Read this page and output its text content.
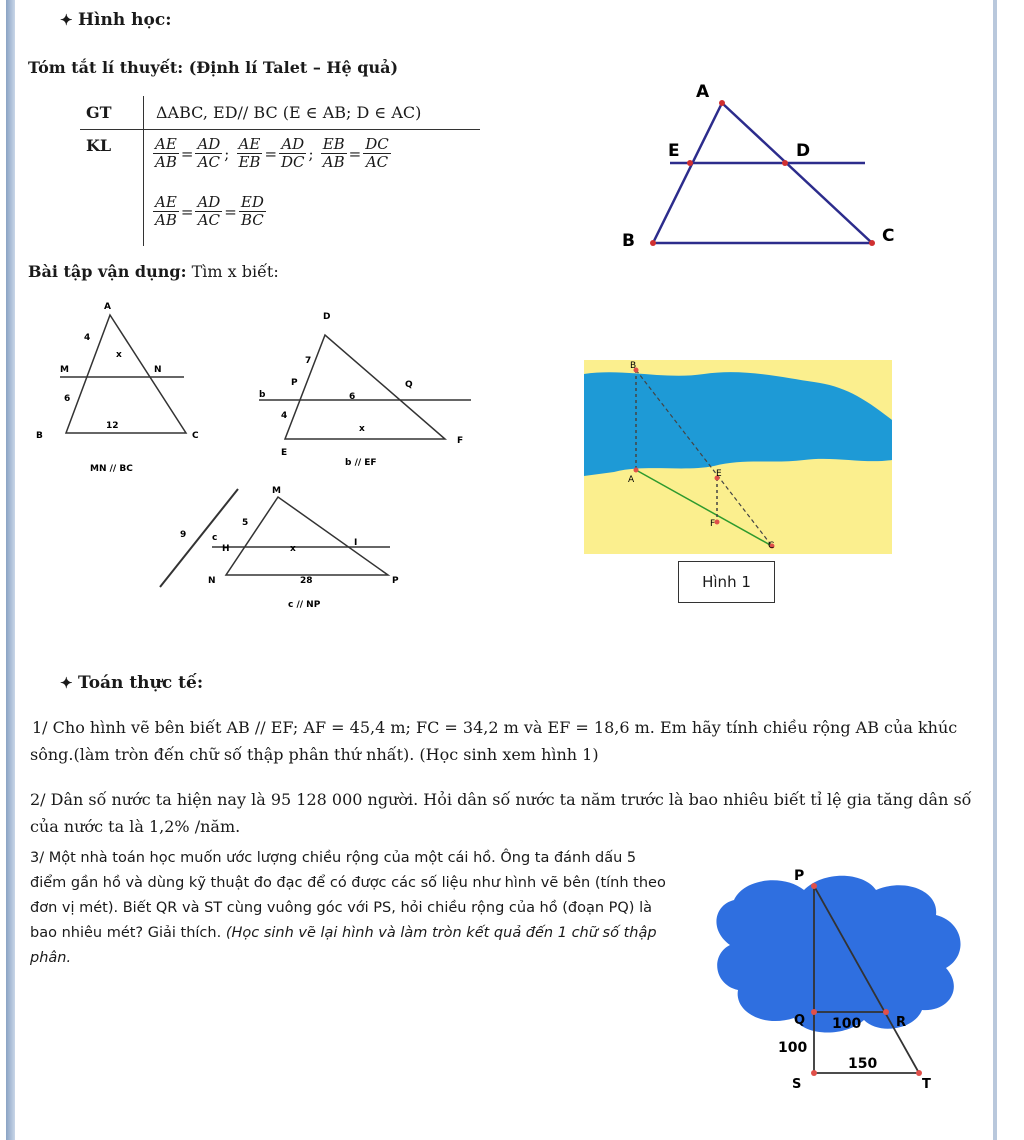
✦ Hình học:
Tóm tắt lí thuyết: (Định lí Talet – Hệ quả)
GT	ΔABC, ED// BC (E ∈ AB; D ∈ AC)
KL	$\frac{AE}{AB} = \frac{AD}{AC}$ ; $\frac{AE}{EB} = \frac{AD}{DC}$ ; $\frac{EB}{AB} = \frac{DC}{AC}$
$\frac{AE}{AB} = \frac{AD}{AC} = \frac{ED}{BC}$
A
E	D
B	C
Bài tập vận dụng: Tìm x biết:
A
4
M
x
N
6
12
B	C
MN // BC
D
7
P
6
Q
b
4
x
E
F
b // EF
M
5
9	c
H	x
I
N	28	P
c // NP
B
A
E
F
C
Hình 1
✦ Toán thực tế:
1/ Cho hình vẽ bên biết AB // EF; AF = 45,4 m; FC = 34,2 m và EF = 18,6 m. Em hãy tính chiều rộng AB của khúc sông.(làm tròn đến chữ số thập phân thứ nhất). (Học sinh xem hình 1)
2/ Dân số nước ta hiện nay là 95 128 000 người. Hỏi dân số nước ta năm trước là bao nhiêu biết tỉ lệ gia tăng dân số của nước ta là 1,2% /năm.
3/ Một nhà toán học muốn ước lượng chiều rộng của một cái hồ. Ông ta đánh dấu 5 điểm gần hồ và dùng kỹ thuật đo đạc để có được các số liệu như hình vẽ bên (tính theo đơn vị mét). Biết QR và ST cùng vuông góc với PS, hỏi chiều rộng của hồ (đoạn PQ) là bao nhiêu mét? Giải thích. (Học sinh vẽ lại hình và làm tròn kết quả đến 1 chữ số thập phân.
P
Q 100	R
100
150
S	T
